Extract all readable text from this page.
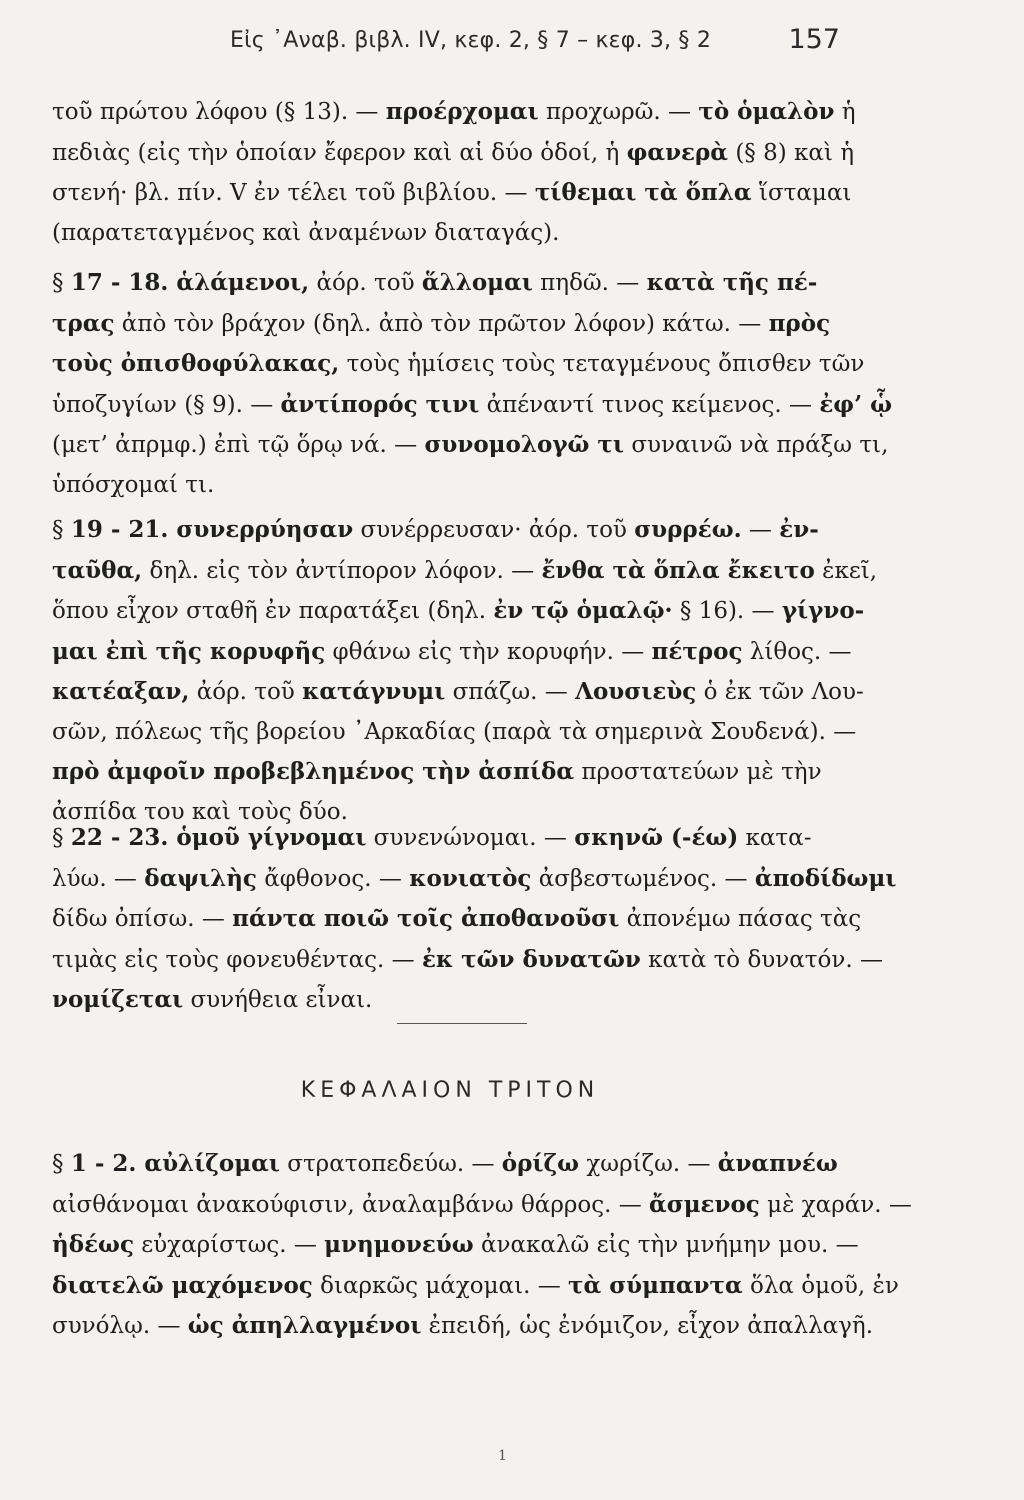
Εἰς ᾿Αναβ. βιβλ. IV, κεφ. 2, § 7 – κεφ. 3, § 2	157
τοῦ πρώτου λόφου (§ 13). — προέρχομαι προχωρῶ. — τὸ ὁμαλὸν ἡ
πεδιὰς (εἰς τὴν ὁποίαν ἔφερον καὶ αἱ δύο ὁδοί, ἡ φανερὰ (§ 8) καὶ ἡ
στενή· βλ. πίν. V ἐν τέλει τοῦ βιβλίου. — τίθεμαι τὰ ὅπλα ἵσταμαι
(παρατεταγμένος καὶ ἀναμένων διαταγάς).
§ 17 - 18. ἁλάμενοι, ἀόρ. τοῦ ἅλλομαι πηδῶ. — κατὰ τῆς πέ-
τρας ἀπὸ τὸν βράχον (δηλ. ἀπὸ τὸν πρῶτον λόφον) κάτω. — πρὸς
τοὺς ὀπισθοφύλακας, τοὺς ἡμίσεις τοὺς τεταγμένους ὄπισθεν τῶν
ὑποζυγίων (§ 9). — ἀντίπορός τινι ἀπέναντί τινος κείμενος. — ἐφ’ ᾧ
(μετ’ ἀπρμφ.) ἐπὶ τῷ ὅρῳ νά. — συνομολογῶ τι συναινῶ νὰ πράξω τι,
ὑπόσχομαί τι.
§ 19 - 21. συνερρύησαν συνέρρευσαν· ἀόρ. τοῦ συρρέω. — ἐν-
ταῦθα, δηλ. εἰς τὸν ἀντίπορον λόφον. — ἔνθα τὰ ὅπλα ἔκειτο ἐκεῖ,
ὅπου εἶχον σταθῆ ἐν παρατάξει (δηλ. ἐν τῷ ὁμαλῷ· § 16). — γίγνο-
μαι ἐπὶ τῆς κορυφῆς φθάνω εἰς τὴν κορυφήν. — πέτρος λίθος. —
κατέαξαν, ἀόρ. τοῦ κατάγνυμι σπάζω. — Λουσιεὺς ὁ ἐκ τῶν Λου-
σῶν, πόλεως τῆς βορείου ᾿Αρκαδίας (παρὰ τὰ σημερινὰ Σουδενά). —
πρὸ ἀμφοῖν προβεβλημένος τὴν ἀσπίδα προστατεύων μὲ τὴν
ἀσπίδα του καὶ τοὺς δύο.
§ 22 - 23. ὁμοῦ γίγνομαι συνενώνομαι. — σκηνῶ (-έω) κατα-
λύω. — δαψιλὴς ἄφθονος. — κονιατὸς ἀσβεστωμένος. — ἀποδίδωμι
δίδω ὀπίσω. — πάντα ποιῶ τοῖς ἀποθανοῦσι ἀπονέμω πάσας τὰς
τιμὰς εἰς τοὺς φονευθέντας. — ἐκ τῶν δυνατῶν κατὰ τὸ δυνατόν. —
νομίζεται συνήθεια εἶναι.
ΚΕΦΑΛΑΙΟΝ ΤΡΙΤΟΝ
§ 1 - 2. αὐλίζομαι στρατοπεδεύω. — ὁρίζω χωρίζω. — ἀναπνέω
αἰσθάνομαι ἀνακούφισιν, ἀναλαμβάνω θάρρος. — ἄσμενος μὲ χαράν. —
ἡδέως εὐχαρίστως. — μνημονεύω ἀνακαλῶ εἰς τὴν μνήμην μου. —
διατελῶ μαχόμενος διαρκῶς μάχομαι. — τὰ σύμπαντα ὅλα ὁμοῦ, ἐν
συνόλῳ. — ὡς ἀπηλλαγμένοι ἐπειδή, ὡς ἐνόμιζον, εἶχον ἀπαλλαγῆ.
1
